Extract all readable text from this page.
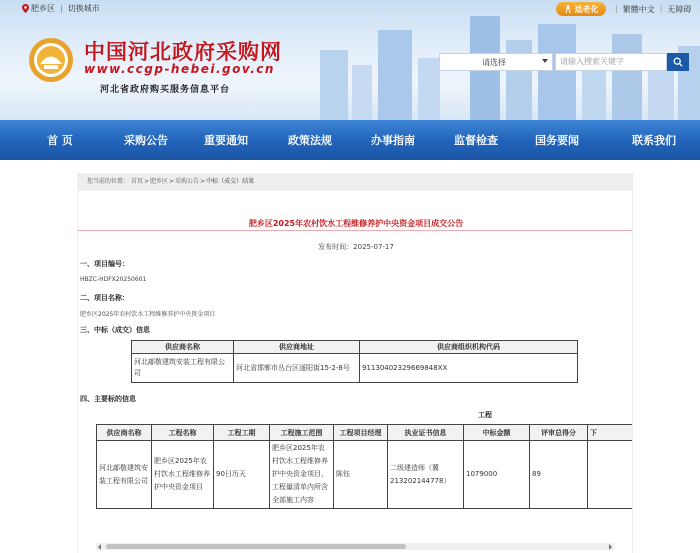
肥乡区 | 切换城市	适老化 | 繁體中文 | 无障碍
中国河北政府采购网
www.ccgp-hebei.gov.cn
河北省政府购买服务信息平台
请选择	请输入搜索关键字
首 页	采购公告	重要通知	政策法规	办事指南	监督检查	国务要闻	联系我们
您当前的位置： 首页>肥乡区>采购公告>中标（成交）结果
肥乡区2025年农村饮水工程维修养护中央资金项目成交公告
发布时间：2025-07-17
一、项目编号：
HBZC-HDFX20250601
二、项目名称：
肥乡区2025年农村饮水工程维修养护中央资金项目
三、中标（成交）信息
供应商名称	供应商地址	供应商组织机构代码
河北鄗敬建筑安装工程有限公司	河北省邯郸市丛台区滏阳街15-2-8号	91130402329669848XX
四、主要标的信息
工程
供应商名称	工程名称	工程工期	工程施工范围	工程项目经理	执业证书信息	中标金额	评审总得分	下
河北鄗敬建筑安装工程有限公司	肥乡区2025年农村饮水工程维修养护中央资金项目	90日历天	肥乡区2025年农村饮水工程维修养护中央资金项目，工程量清单内所含全部施工内容	陈钰	二级建造师（冀213202144778）	1079000	89	
